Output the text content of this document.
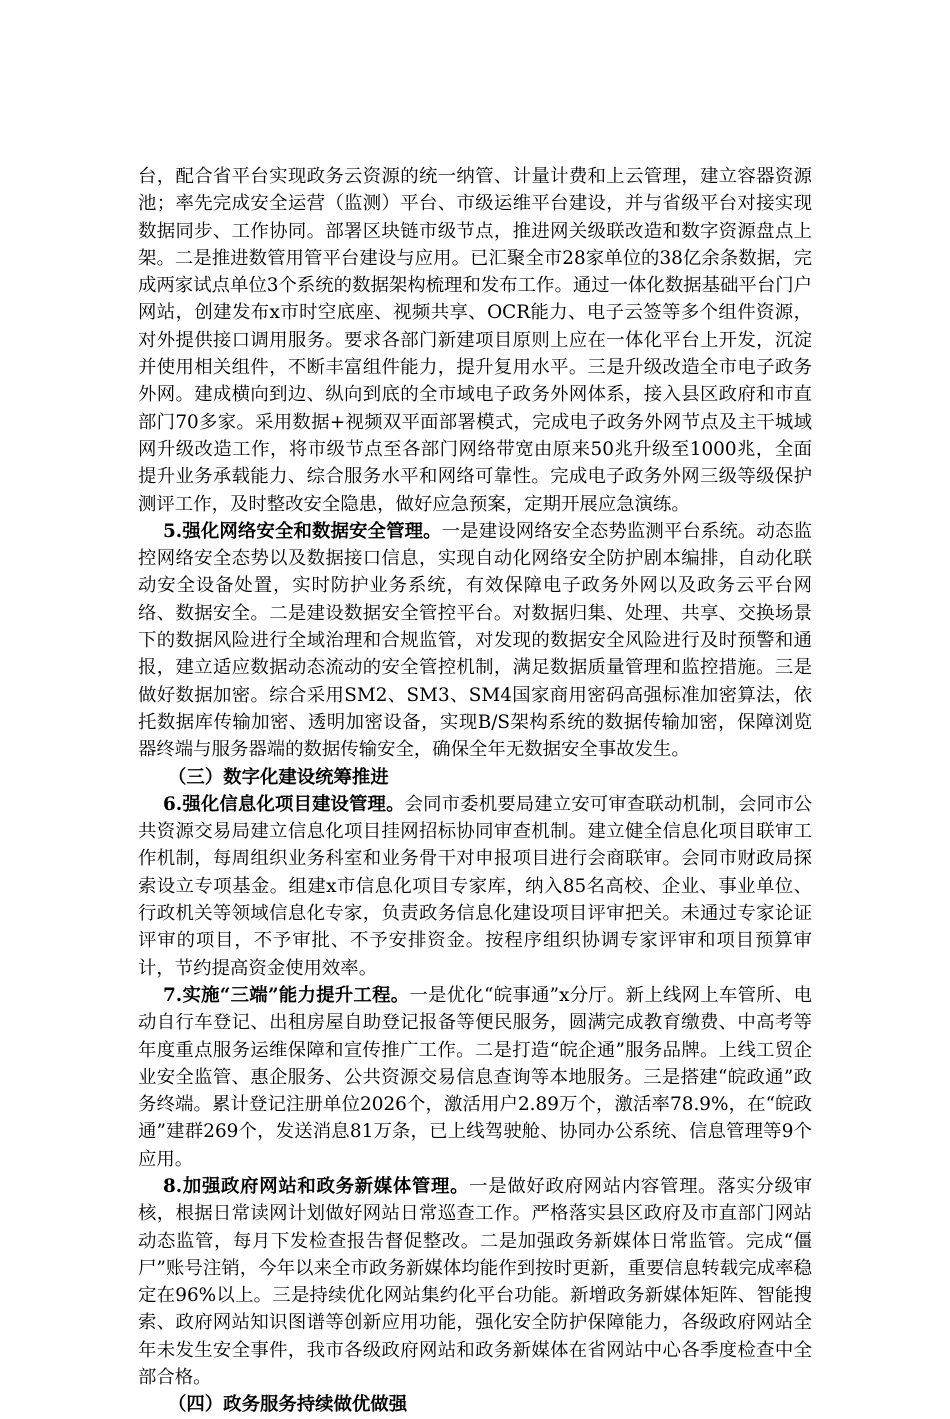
台，配合省平台实现政务云资源的统一纳管、计量计费和上云管理，建立容器资源池；率先完成安全运营（监测）平台、市级运维平台建设，并与省级平台对接实现数据同步、工作协同。部署区块链市级节点，推进网关级联改造和数字资源盘点上架。二是推进数管用管平台建设与应用。已汇聚全市28家单位的38亿余条数据，完成两家试点单位3个系统的数据架构梳理和发布工作。通过一体化数据基础平台门户网站，创建发布x市时空底座、视频共享、OCR能力、电子云签等多个组件资源，对外提供接口调用服务。要求各部门新建项目原则上应在一体化平台上开发，沉淀并使用相关组件，不断丰富组件能力，提升复用水平。三是升级改造全市电子政务外网。建成横向到边、纵向到底的全市域电子政务外网体系，接入县区政府和市直部门70多家。采用数据+视频双平面部署模式，完成电子政务外网节点及主干城域网升级改造工作，将市级节点至各部门网络带宽由原来50兆升级至1000兆，全面提升业务承载能力、综合服务水平和网络可靠性。完成电子政务外网三级等级保护测评工作，及时整改安全隐患，做好应急预案，定期开展应急演练。

5.强化网络安全和数据安全管理。一是建设网络安全态势监测平台系统。动态监控网络安全态势以及数据接口信息，实现自动化网络安全防护剧本编排，自动化联动安全设备处置，实时防护业务系统，有效保障电子政务外网以及政务云平台网络、数据安全。二是建设数据安全管控平台。对数据归集、处理、共享、交换场景下的数据风险进行全域治理和合规监管，对发现的数据安全风险进行及时预警和通报，建立适应数据动态流动的安全管控机制，满足数据质量管理和监控措施。三是做好数据加密。综合采用SM2、SM3、SM4国家商用密码高强标准加密算法，依托数据库传输加密、透明加密设备，实现B/S架构系统的数据传输加密，保障浏览器终端与服务器端的数据传输安全，确保全年无数据安全事故发生。

（三）数字化建设统筹推进

6.强化信息化项目建设管理。会同市委机要局建立安可审查联动机制，会同市公共资源交易局建立信息化项目挂网招标协同审查机制。建立健全信息化项目联审工作机制，每周组织业务科室和业务骨干对申报项目进行会商联审。会同市财政局探索设立专项基金。组建x市信息化项目专家库，纳入85名高校、企业、事业单位、行政机关等领域信息化专家，负责政务信息化建设项目评审把关。未通过专家论证评审的项目，不予审批、不予安排资金。按程序组织协调专家评审和项目预算审计，节约提高资金使用效率。

7.实施“三端”能力提升工程。一是优化“皖事通”x分厅。新上线网上车管所、电动自行车登记、出租房屋自助登记报备等便民服务，圆满完成教育缴费、中高考等年度重点服务运维保障和宣传推广工作。二是打造“皖企通”服务品牌。上线工贸企业安全监管、惠企服务、公共资源交易信息查询等本地服务。三是搭建“皖政通”政务终端。累计登记注册单位2026个，激活用户2.89万个，激活率78.9%，在“皖政通”建群269个，发送消息81万条，已上线驾驶舱、协同办公系统、信息管理等9个应用。

8.加强政府网站和政务新媒体管理。一是做好政府网站内容管理。落实分级审核，根据日常读网计划做好网站日常巡查工作。严格落实县区政府及市直部门网站动态监管，每月下发检查报告督促整改。二是加强政务新媒体日常监管。完成“僵尸”账号注销，今年以来全市政务新媒体均能作到按时更新，重要信息转载完成率稳定在96%以上。三是持续优化网站集约化平台功能。新增政务新媒体矩阵、智能搜索、政府网站知识图谱等创新应用功能，强化安全防护保障能力，各级政府网站全年未发生安全事件，我市各级政府网站和政务新媒体在省网站中心各季度检查中全部合格。

（四）政务服务持续做优做强
